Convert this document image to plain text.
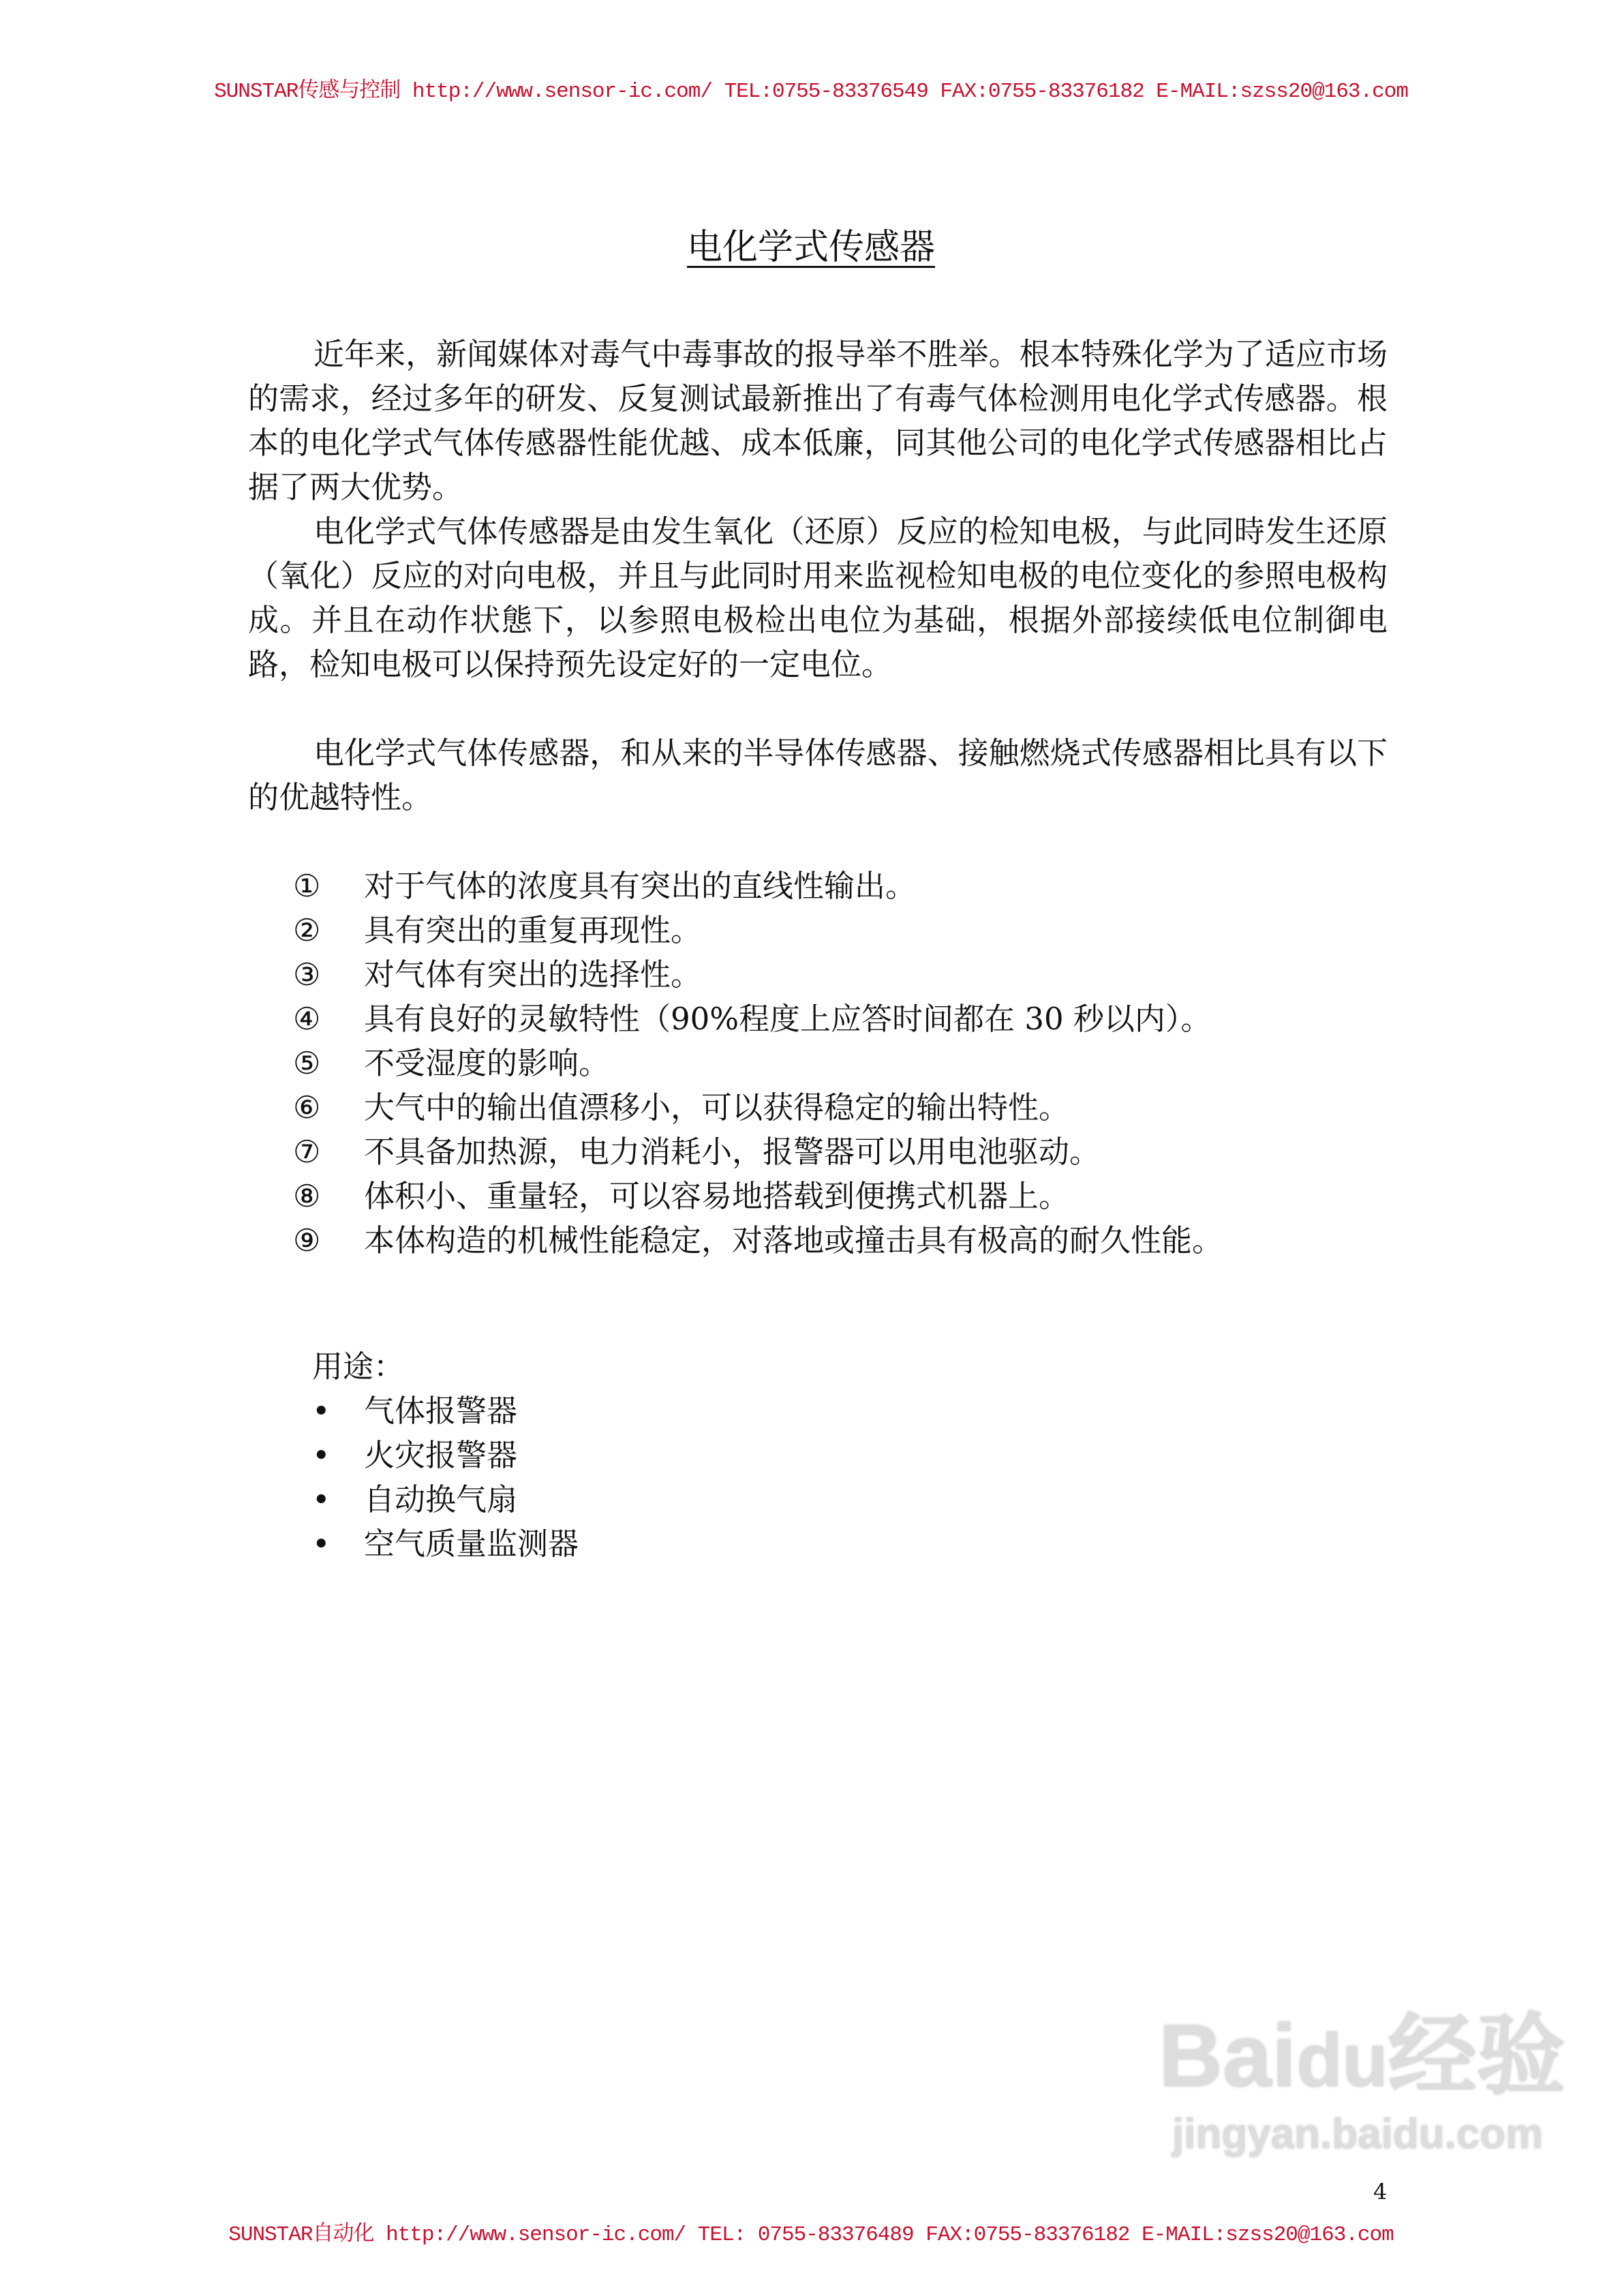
SUNSTAR传感与控制 http://www.sensor-ic.com/ TEL:0755-83376549 FAX:0755-83376182 E-MAIL:szss20@163.com
电化学式传感器

近年来，新闻媒体对毒气中毒事故的报导举不胜举。根本特殊化学为了适应市场的需求，经过多年的研发、反复测试最新推出了有毒气体检测用电化学式传感器。根本的电化学式气体传感器性能优越、成本低廉，同其他公司的电化学式传感器相比占据了两大优势。

电化学式气体传感器是由发生氧化（还原）反应的检知电极，与此同時发生还原（氧化）反应的对向电极，并且与此同时用来监视检知电极的电位变化的参照电极构成。并且在动作状態下，以参照电极检出电位为基础，根据外部接续低电位制御电路，检知电极可以保持预先设定好的一定电位。

电化学式气体传感器，和从来的半导体传感器、接触燃烧式传感器相比具有以下的优越特性。

①	对于气体的浓度具有突出的直线性输出。
②	具有突出的重复再现性。
③	对气体有突出的选择性。
④	具有良好的灵敏特性（90%程度上应答时间都在 30 秒以内）。
⑤	不受湿度的影响。
⑥	大气中的输出值漂移小，可以获得稳定的输出特性。
⑦	不具备加热源，电力消耗小，报警器可以用电池驱动。
⑧	体积小、重量轻，可以容易地搭载到便携式机器上。
⑨	本体构造的机械性能稳定，对落地或撞击具有极高的耐久性能。
用途：
•	气体报警器
•	火灾报警器
•	自动换气扇
•	空气质量监测器
Baidu经验
jingyan.baidu.com
4
SUNSTAR自动化 http://www.sensor-ic.com/ TEL: 0755-83376489 FAX:0755-83376182 E-MAIL:szss20@163.com
